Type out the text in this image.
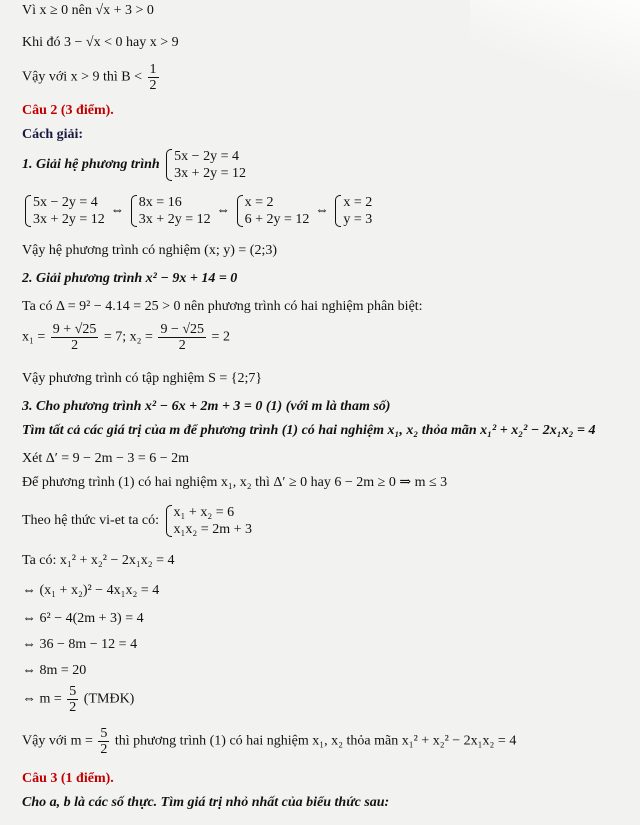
Vì x ≥ 0 nên √x + 3 > 0
Khi đó 3 − √x < 0 hay x > 9
Vậy với x > 9 thì $B < \frac{1}{2}$
Câu 2 (3 điểm).
Cách giải:
1. Giải hệ phương trình
5x − 2y = 4
3x + 2y = 12
5x − 2y = 4
3x + 2y = 12
⇔
8x = 16
3x + 2y = 12
⇔
x = 2
6 + 2y = 12
⇔
x = 2
y = 3
Vậy hệ phương trình có nghiệm (x; y) = (2;3)
2. Giải phương trình x² − 9x + 14 = 0
Ta có Δ = 9² − 4.14 = 25 > 0 nên phương trình có hai nghiệm phân biệt:
$x_1 = \frac{9 + √25}{2} = 7$; $x_2 = \frac{9 - √25}{2} = 2$
Vậy phương trình có tập nghiệm S = {2;7}
3. Cho phương trình x² − 6x + 2m + 3 = 0 (1) (với m là tham số)
Tìm tất cả các giá trị của m để phương trình (1) có hai nghiệm x₁, x₂ thỏa mãn x₁² + x₂² − 2x₁x₂ = 4
Xét Δ′ = 9 − 2m − 3 = 6 − 2m
Để phương trình (1) có hai nghiệm x₁, x₂ thì Δ′ ≥ 0 hay 6 − 2m ≥ 0 ⇒ m ≤ 3
Theo hệ thức vi-et ta có:
x₁ + x₂ = 6
x₁x₂ = 2m + 3
Ta có: x₁² + x₂² − 2x₁x₂ = 4
⇔ (x₁ + x₂)² − 4x₁x₂ = 4
⇔ 6² − 4(2m + 3) = 4
⇔ 36 − 8m − 12 = 4
⇔ 8m = 20
⇔ $m = \frac{5}{2}$ (TMĐK)
Vậy với $m = \frac{5}{2}$ thì phương trình (1) có hai nghiệm x₁, x₂ thỏa mãn x₁² + x₂² − 2x₁x₂ = 4
Câu 3 (1 điểm).
Cho a, b là các số thực. Tìm giá trị nhỏ nhất của biểu thức sau:
